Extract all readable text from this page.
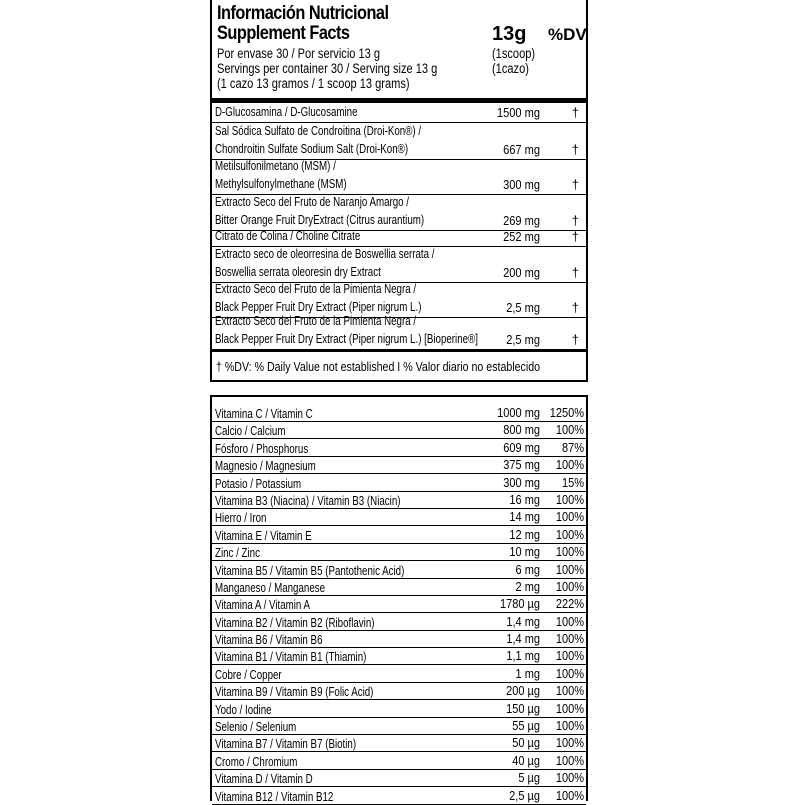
Información Nutricional
Supplement Facts	13g %DV
Por envase 30 / Por servicio 13 g
Servings per container 30 / Serving size 13 g
(1 cazo 13 gramos / 1 scoop 13 grams)
(1scoop)
(1cazo)
D-Glucosamina / D-Glucosamine	1500 mg †
Sal Sódica Sulfato de Condroitina (Droi-Kon®) /
Chondroitin Sulfate Sodium Salt (Droi-Kon®)	667 mg †
Metilsulfonilmetano (MSM) /
Methylsulfonylmethane (MSM)	300 mg †
Extracto Seco del Fruto de Naranjo Amargo /
Bitter Orange Fruit DryExtract (Citrus aurantium)	269 mg †
Citrato de Colina / Choline Citrate	252 mg †
Extracto seco de oleorresina de Boswellia serrata /
Boswellia serrata oleoresin dry Extract	200 mg †
Extracto Seco del Fruto de la Pimienta Negra /
Black Pepper Fruit Dry Extract (Piper nigrum L.)	2,5 mg †
Extracto Seco del Fruto de la Pimienta Negra /
Black Pepper Fruit Dry Extract (Piper nigrum L.) [Bioperine®]	2,5 mg †
† %DV: % Daily Value not established I % Valor diario no establecido
Vitamina C / Vitamin C	1000 mg 1250%
Calcio / Calcium	800 mg	100%
Fósforo / Phosphorus	609 mg	87%
Magnesio / Magnesium	375 mg	100%
Potasio / Potassium	300 mg	15%
Vitamina B3 (Niacina) / Vitamin B3 (Niacin)	16 mg	100%
Hierro / Iron	14 mg	100%
Vitamina E / Vitamin E	12 mg	100%
Zinc / Zinc	10 mg	100%
Vitamina B5 / Vitamin B5 (Pantothenic Acid)	6 mg	100%
Manganeso / Manganese	2 mg	100%
Vitamina A / Vitamin A	1780 µg	222%
Vitamina B2 / Vitamin B2 (Riboflavin)	1,4 mg	100%
Vitamina B6 / Vitamin B6	1,4 mg	100%
Vitamina B1 / Vitamin B1 (Thiamin)	1,1 mg	100%
Cobre / Copper	1 mg	100%
Vitamina B9 / Vitamin B9 (Folic Acid)	200 µg	100%
Yodo / Iodine	150 µg	100%
Selenio / Selenium	55 µg	100%
Vitamina B7 / Vitamin B7 (Biotin)	50 µg	100%
Cromo / Chromium	40 µg	100%
Vitamina D / Vitamin D	5 µg	100%
Vitamina B12 / Vitamin B12	2,5 µg	100%
